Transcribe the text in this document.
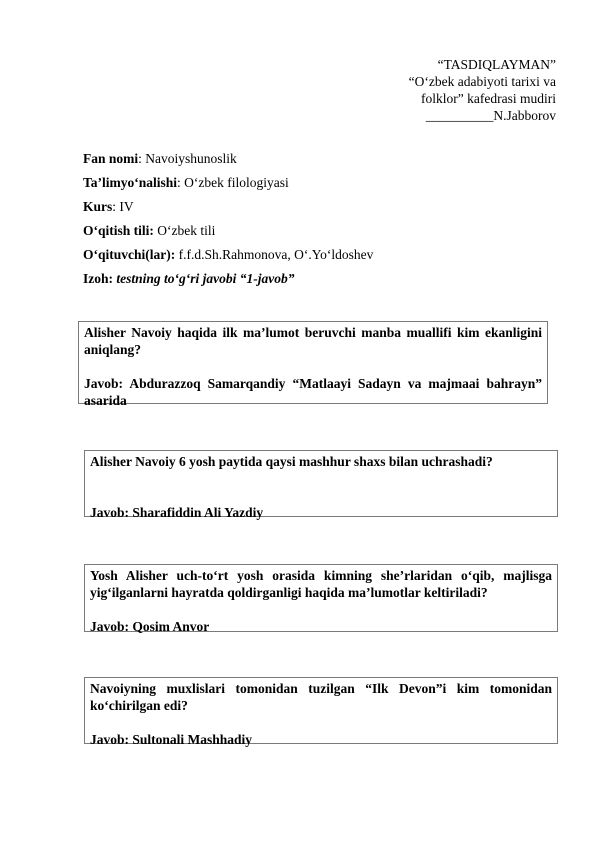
“TASDIQLAYMAN”
“O‘zbek adabiyoti tarixi va
folklor” kafedrasi mudiri
__________N.Jabborov
Fan nomi: Navoiyshunoslik
Ta’limyo‘nalishi: O‘zbek filologiyasi
Kurs: IV
O‘qitish tili: O‘zbek tili
O‘qituvchi(lar): f.f.d.Sh.Rahmonova, O‘.Yo‘ldoshev
Izoh: testning to‘g‘ri javobi “1-javob”

Alisher Navoiy haqida ilk ma’lumot beruvchi manba muallifi kim ekanligini aniqlang?

Javob: Abdurazzoq Samarqandiy “Matlaayi Sadayn va majmaai bahrayn” asarida

Alisher Navoiy 6 yosh paytida qaysi mashhur shaxs bilan uchrashadi?

Javob: Sharafiddin Ali Yazdiy

Yosh Alisher uch-to‘rt yosh orasida kimning she’rlaridan o‘qib, majlisga yig‘ilganlarni hayratda qoldirganligi haqida ma’lumotlar keltiriladi?

Javob: Qosim Anvor

Navoiyning muxlislari tomonidan tuzilgan “Ilk Devon”i kim tomonidan ko‘chirilgan edi?

Javob: Sultonali Mashhadiy
